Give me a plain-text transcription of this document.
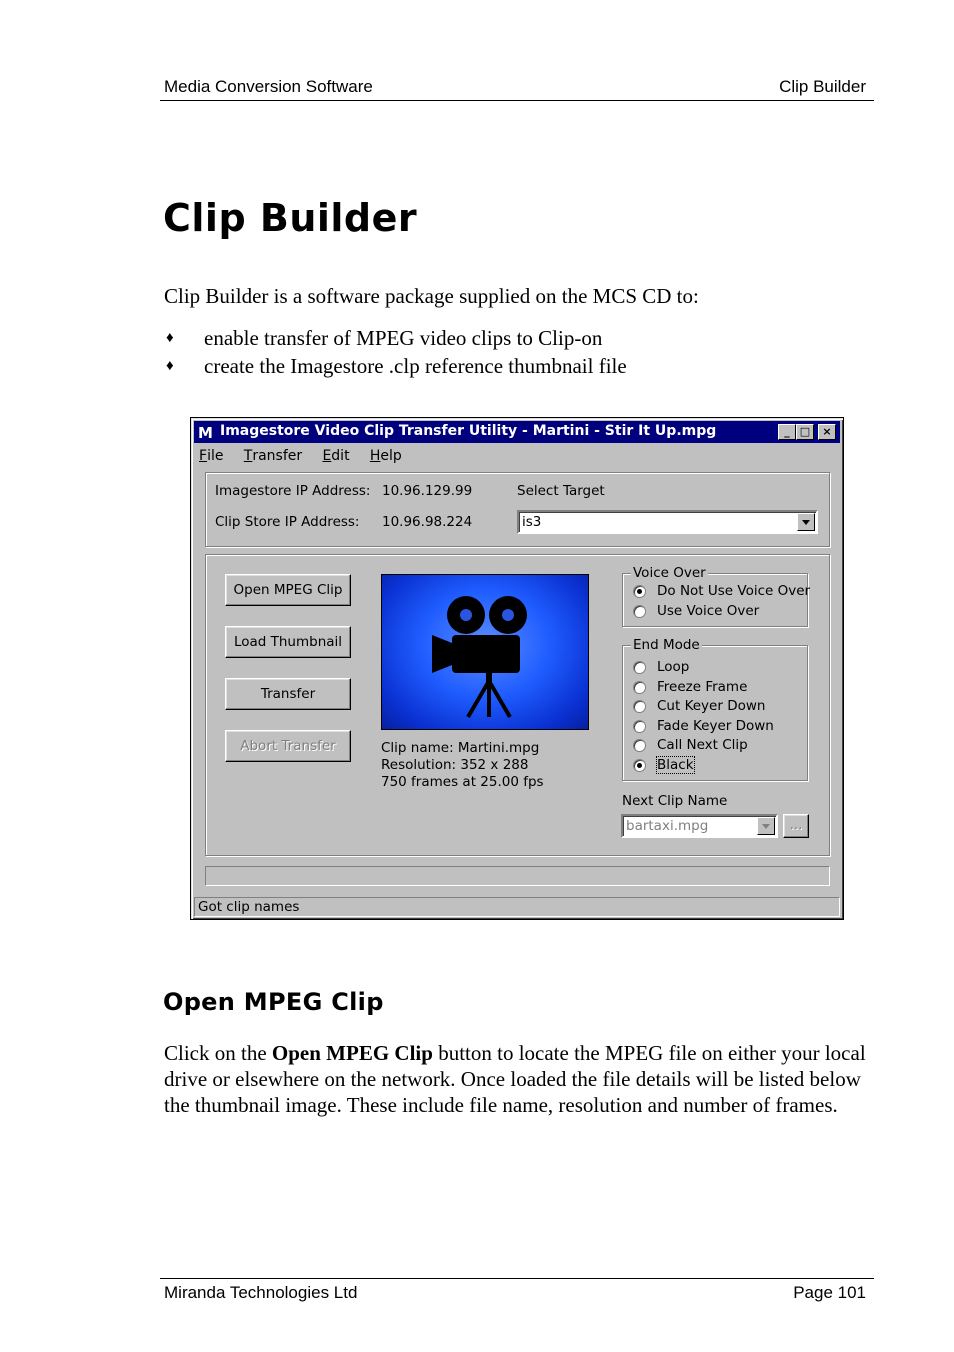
Media Conversion Software	Clip Builder
Clip Builder

Clip Builder is a software package supplied on the MCS CD to:

♦ enable transfer of MPEG video clips to Clip-on
♦ create the Imagestore .clp reference thumbnail file
M Imagestore Video Clip Transfer Utility - Martini - Stir It Up.mpg	_ □	×
File Transfer Edit Help
Imagestore IP Address: 10.96.129.99	Select Target
Clip Store IP Address: 10.96.98.224	is3
Open MPEG Clip
Load Thumbnail
Transfer
Abort Transfer	Clip name: Martini.mpg
Resolution: 352 x 288
750 frames at 25.00 fps
Voice Over
Do Not Use Voice Over
Use Voice Over
End Mode
Loop
Freeze Frame
Cut Keyer Down
Fade Keyer Down
Call Next Clip
Black
Next Clip Name
bartaxi.mpg	...
Got clip names
Open MPEG Clip

Click on the Open MPEG Clip button to locate the MPEG file on either your local drive or elsewhere on the network. Once loaded the file details will be listed below the thumbnail image. These include file name, resolution and number of frames.

Miranda Technologies Ltd	Page 101
